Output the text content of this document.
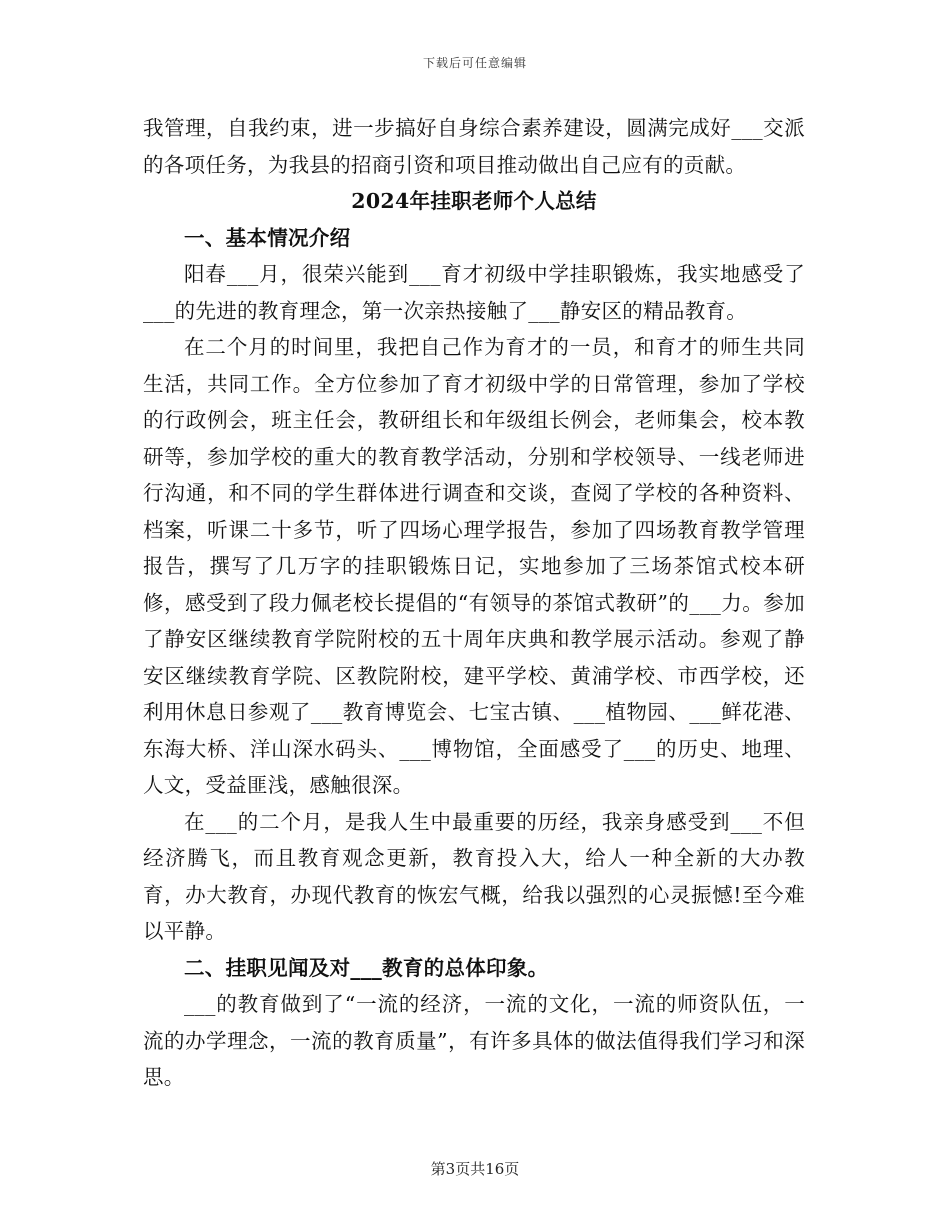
下载后可任意编辑

我管理，自我约束，进一步搞好自身综合素养建设，圆满完成好___交派的各项任务，为我县的招商引资和项目推动做出自己应有的贡献。

2024年挂职老师个人总结

一、基本情况介绍

阳春___月，很荣兴能到___育才初级中学挂职锻炼，我实地感受了___的先进的教育理念，第一次亲热接触了___静安区的精品教育。

在二个月的时间里，我把自己作为育才的一员，和育才的师生共同生活，共同工作。全方位参加了育才初级中学的日常管理，参加了学校的行政例会，班主任会，教研组长和年级组长例会，老师集会，校本教研等，参加学校的重大的教育教学活动，分别和学校领导、一线老师进行沟通，和不同的学生群体进行调查和交谈，查阅了学校的各种资料、档案，听课二十多节，听了四场心理学报告，参加了四场教育教学管理报告，撰写了几万字的挂职锻炼日记，实地参加了三场茶馆式校本研修，感受到了段力佩老校长提倡的“有领导的茶馆式教研”的___力。参加了静安区继续教育学院附校的五十周年庆典和教学展示活动。参观了静安区继续教育学院、区教院附校，建平学校、黄浦学校、市西学校，还利用休息日参观了___教育博览会、七宝古镇、___植物园、___鲜花港、东海大桥、洋山深水码头、___博物馆，全面感受了___的历史、地理、人文，受益匪浅，感触很深。

在___的二个月，是我人生中最重要的历经，我亲身感受到___不但经济腾飞，而且教育观念更新，教育投入大，给人一种全新的大办教育，办大教育，办现代教育的恢宏气概，给我以强烈的心灵振憾!至今难以平静。

二、挂职见闻及对___教育的总体印象。

___的教育做到了“一流的经济，一流的文化，一流的师资队伍，一流的办学理念，一流的教育质量”，有许多具体的做法值得我们学习和深思。

第3页共16页
